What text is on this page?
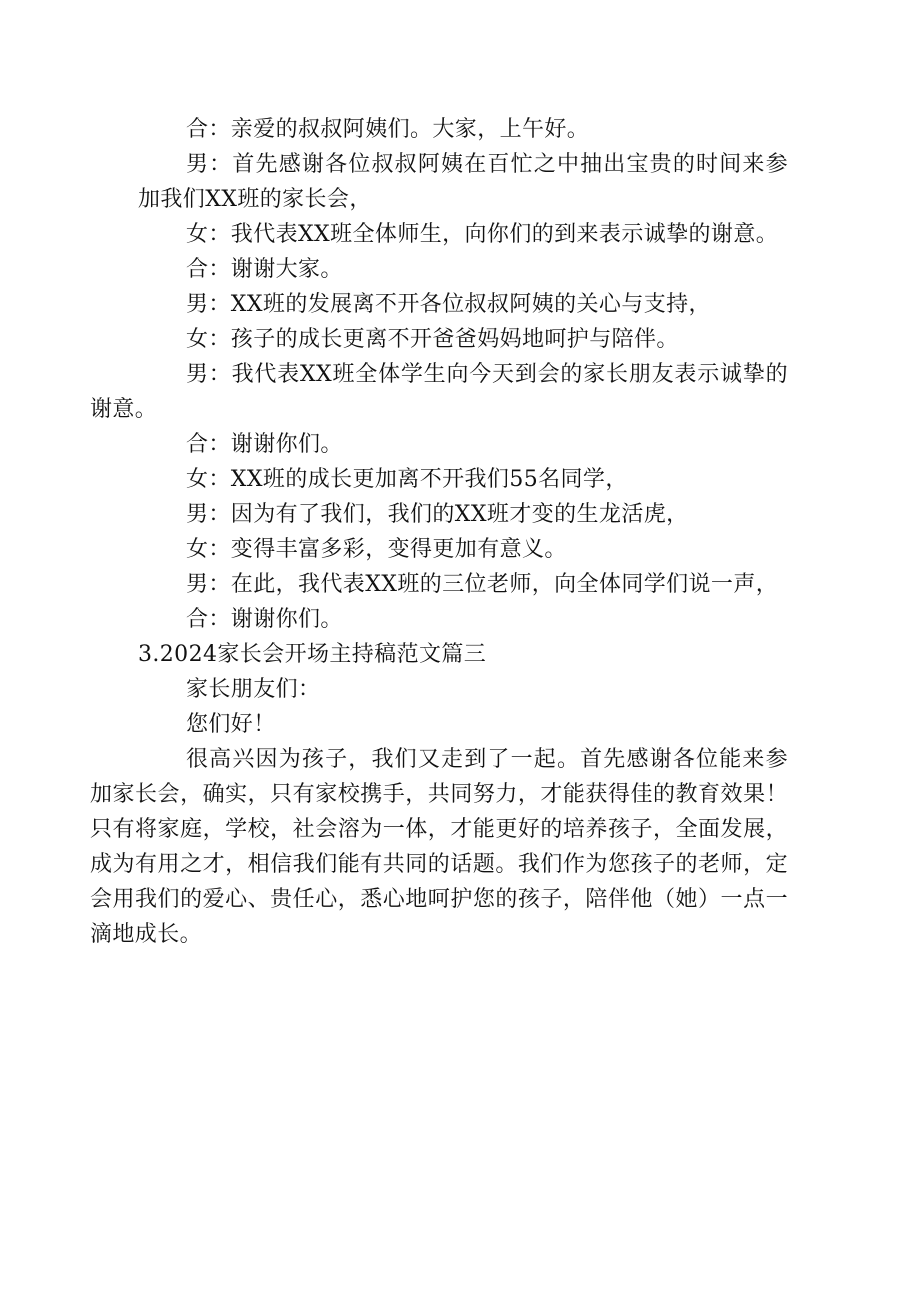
合：亲爱的叔叔阿姨们。大家，上午好。

男：首先感谢各位叔叔阿姨在百忙之中抽出宝贵的时间来参加我们XX班的家长会，

女：我代表XX班全体师生，向你们的到来表示诚挚的谢意。

合：谢谢大家。

男：XX班的发展离不开各位叔叔阿姨的关心与支持，

女：孩子的成长更离不开爸爸妈妈地呵护与陪伴。

男：我代表XX班全体学生向今天到会的家长朋友表示诚挚的谢意。

合：谢谢你们。

女：XX班的成长更加离不开我们55名同学，

男：因为有了我们，我们的XX班才变的生龙活虎，

女：变得丰富多彩，变得更加有意义。

男：在此，我代表XX班的三位老师，向全体同学们说一声，

合：谢谢你们。

3.2024家长会开场主持稿范文篇三

家长朋友们：

您们好！

很高兴因为孩子，我们又走到了一起。首先感谢各位能来参加家长会，确实，只有家校携手，共同努力，才能获得佳的教育效果！只有将家庭，学校，社会溶为一体，才能更好的培养孩子，全面发展，成为有用之才，相信我们能有共同的话题。我们作为您孩子的老师，定会用我们的爱心、贵任心，悉心地呵护您的孩子，陪伴他（她）一点一滴地成长。
